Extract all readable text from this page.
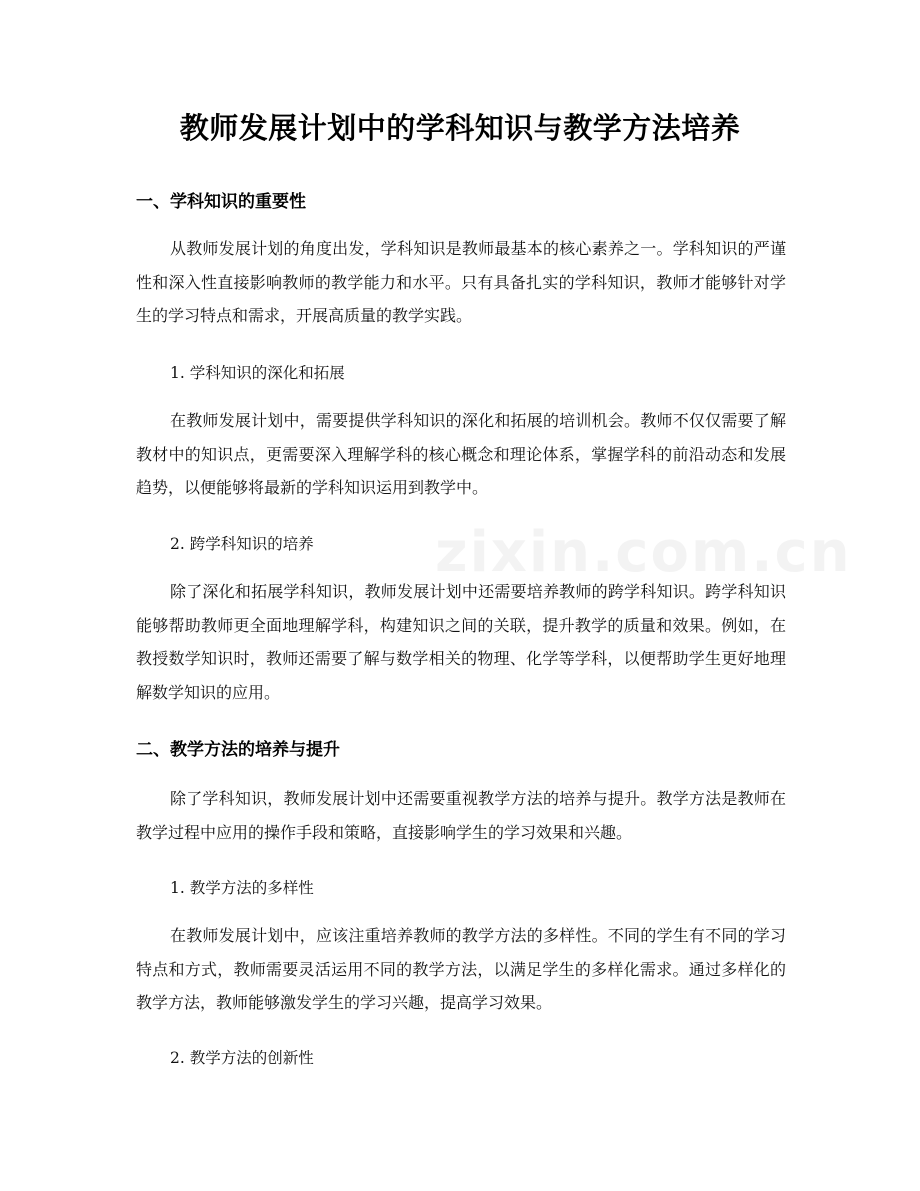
zixin.com.cn
教师发展计划中的学科知识与教学方法培养
一、学科知识的重要性
从教师发展计划的角度出发，学科知识是教师最基本的核心素养之一。学科知识的严谨性和深入性直接影响教师的教学能力和水平。只有具备扎实的学科知识，教师才能够针对学生的学习特点和需求，开展高质量的教学实践。
1. 学科知识的深化和拓展
在教师发展计划中，需要提供学科知识的深化和拓展的培训机会。教师不仅仅需要了解教材中的知识点，更需要深入理解学科的核心概念和理论体系，掌握学科的前沿动态和发展趋势，以便能够将最新的学科知识运用到教学中。
2. 跨学科知识的培养
除了深化和拓展学科知识，教师发展计划中还需要培养教师的跨学科知识。跨学科知识能够帮助教师更全面地理解学科，构建知识之间的关联，提升教学的质量和效果。例如，在教授数学知识时，教师还需要了解与数学相关的物理、化学等学科，以便帮助学生更好地理解数学知识的应用。
二、教学方法的培养与提升
除了学科知识，教师发展计划中还需要重视教学方法的培养与提升。教学方法是教师在教学过程中应用的操作手段和策略，直接影响学生的学习效果和兴趣。
1. 教学方法的多样性
在教师发展计划中，应该注重培养教师的教学方法的多样性。不同的学生有不同的学习特点和方式，教师需要灵活运用不同的教学方法，以满足学生的多样化需求。通过多样化的教学方法，教师能够激发学生的学习兴趣，提高学习效果。
2. 教学方法的创新性
